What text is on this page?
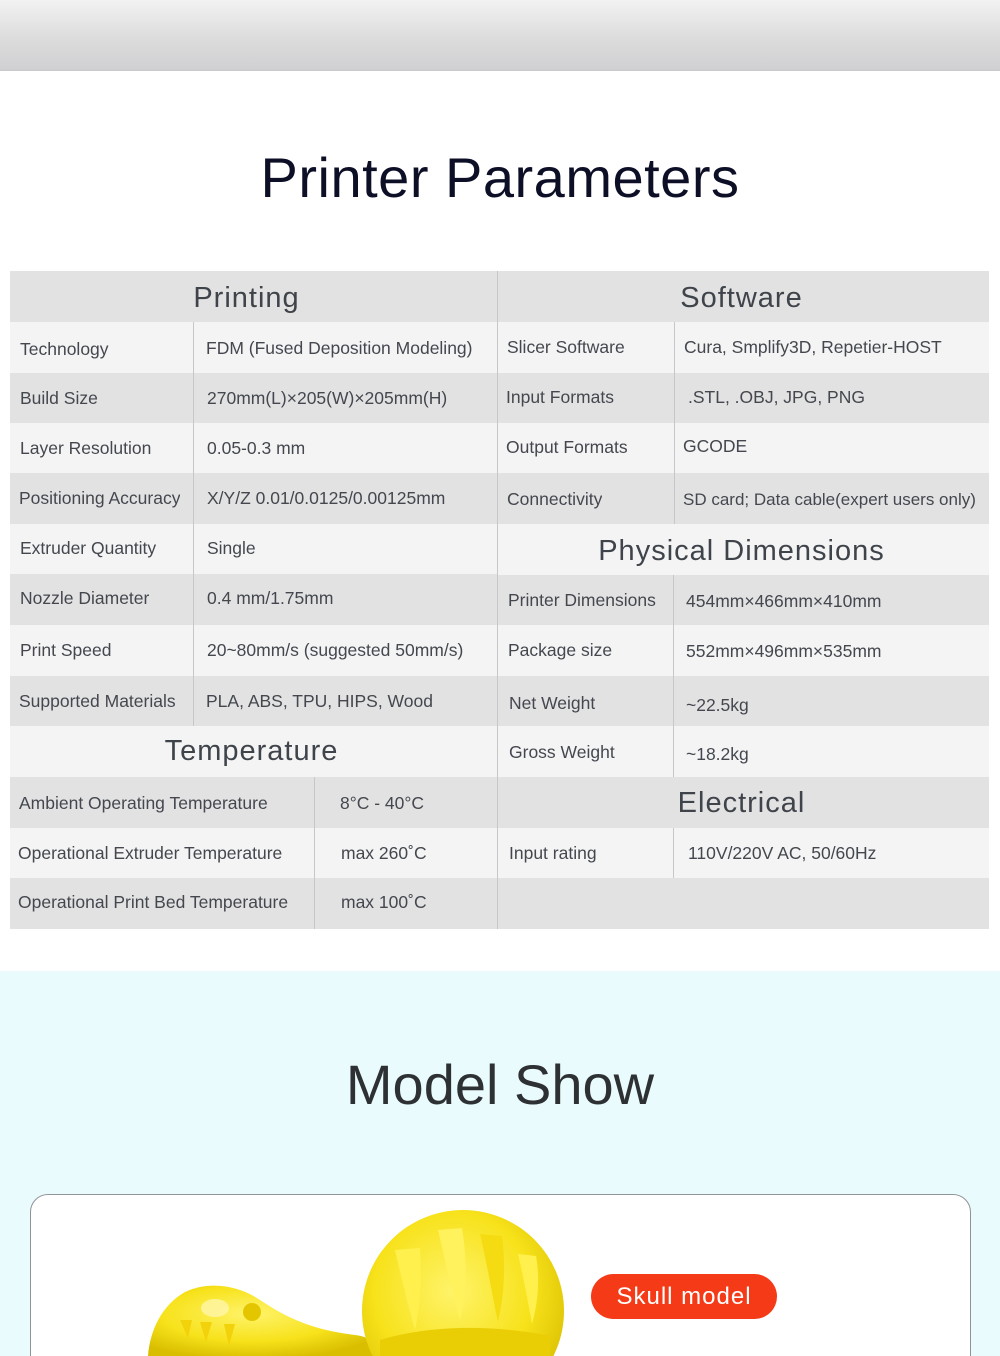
Printer Parameters
Printing
Technology	FDM (Fused Deposition Modeling)
Build Size	270mm(L)×205(W)×205mm(H)
Layer Resolution	0.05-0.3 mm
Positioning Accuracy X/Y/Z 0.01/0.0125/0.00125mm
Extruder Quantity	Single
Nozzle Diameter	0.4 mm/1.75mm
Print Speed	20~80mm/s (suggested 50mm/s)
Supported Materials PLA, ABS, TPU, HIPS, Wood
Temperature
Ambient Operating Temperature	8°C - 40°C
Operational Extruder Temperature	max 260˚C
Operational Print Bed Temperature	max 100˚C
Software
Slicer Software	Cura, Smplify3D, Repetier-HOST
Input Formats	.STL, .OBJ, JPG, PNG
Output Formats	GCODE
Connectivity	SD card; Data cable(expert users only)
Physical Dimensions
Printer Dimensions 454mm×466mm×410mm
Package size	552mm×496mm×535mm
Net Weight	~22.5kg
Gross Weight	~18.2kg
Electrical
Input rating	110V/220V AC, 50/60Hz
Model Show
Skull model
